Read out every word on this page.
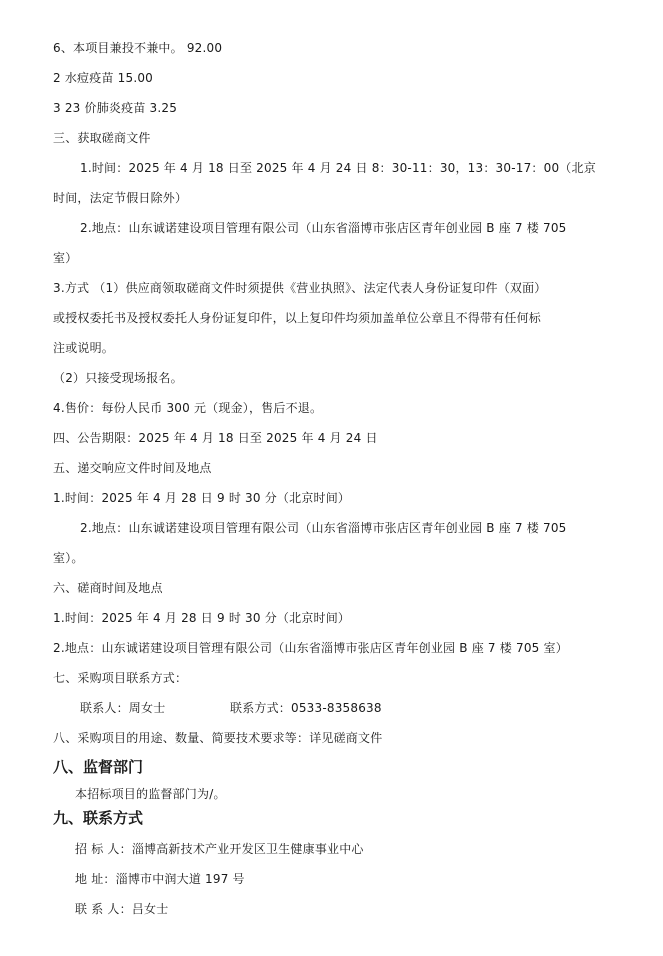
6、本项目兼投不兼中。 92.00
2 水痘疫苗 15.00
3 23 价肺炎疫苗 3.25
三、获取磋商文件
1.时间：2025 年 4 月 18 日至 2025 年 4 月 24 日 8：30-11：30，13：30-17：00（北京
时间，法定节假日除外）
2.地点：山东诚诺建设项目管理有限公司（山东省淄博市张店区青年创业园 B 座 7 楼 705
室）
3.方式 （1）供应商领取磋商文件时须提供《营业执照》、法定代表人身份证复印件（双面）
或授权委托书及授权委托人身份证复印件，以上复印件均须加盖单位公章且不得带有任何标
注或说明。
（2）只接受现场报名。
4.售价：每份人民币 300 元（现金），售后不退。
四、公告期限：2025 年 4 月 18 日至 2025 年 4 月 24 日
五、递交响应文件时间及地点
1.时间：2025 年 4 月 28 日 9 时 30 分（北京时间）
2.地点：山东诚诺建设项目管理有限公司（山东省淄博市张店区青年创业园 B 座 7 楼 705
室）。
六、磋商时间及地点
1.时间：2025 年 4 月 28 日 9 时 30 分（北京时间）
2.地点：山东诚诺建设项目管理有限公司（山东省淄博市张店区青年创业园 B 座 7 楼 705 室）
七、采购项目联系方式：
联系人：周女士	联系方式：0533-8358638
八、采购项目的用途、数量、简要技术要求等：详见磋商文件
八、监督部门
本招标项目的监督部门为/。
九、联系方式
招 标 人：淄博高新技术产业开发区卫生健康事业中心
地 址：淄博市中润大道 197 号
联 系 人：吕女士
